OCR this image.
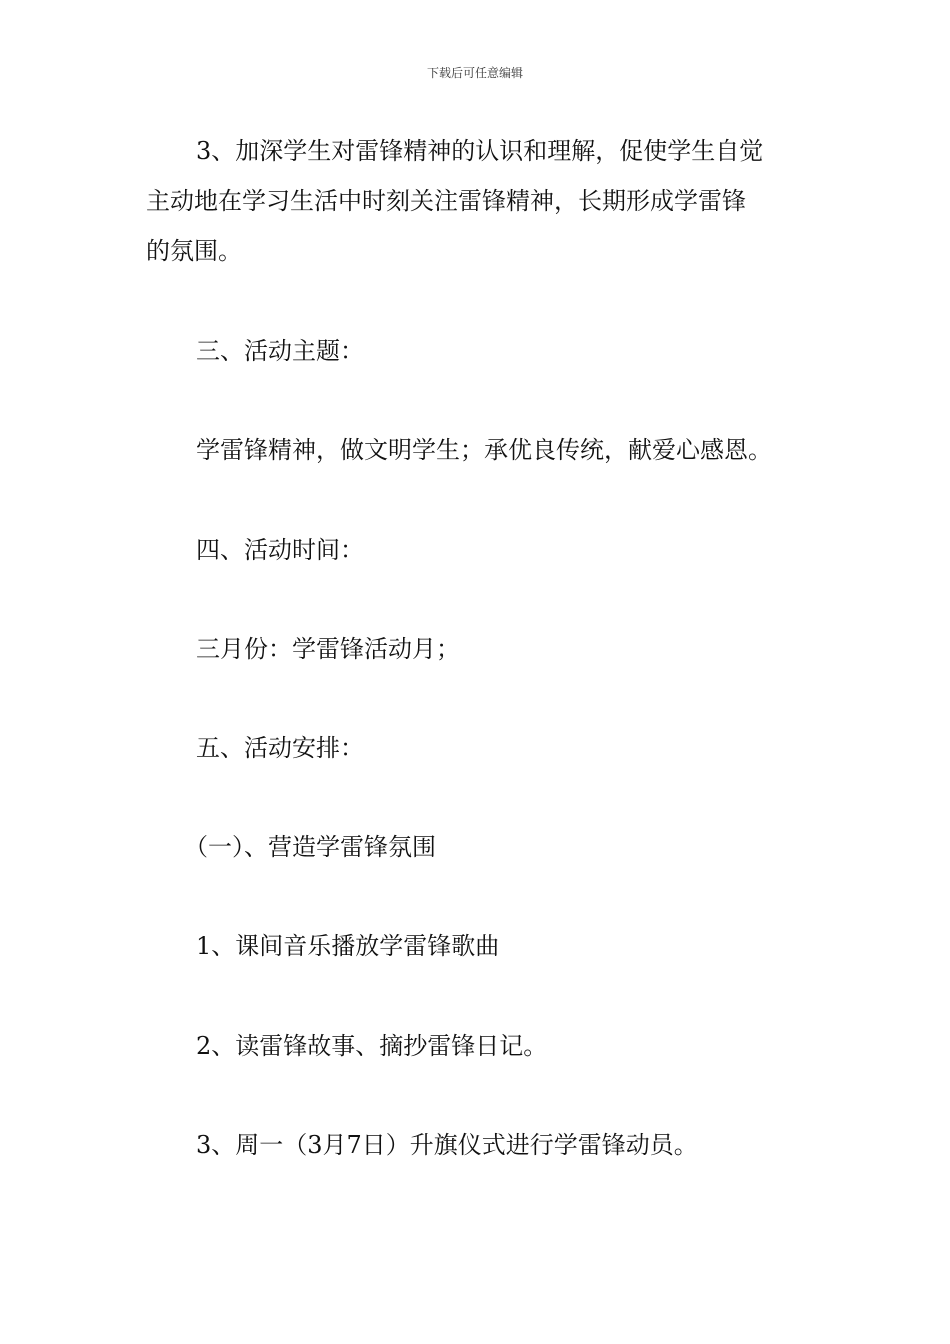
下载后可任意编辑
3、加深学生对雷锋精神的认识和理解，促使学生自觉
主动地在学习生活中时刻关注雷锋精神，长期形成学雷锋
的氛围。
三、活动主题：
学雷锋精神，做文明学生；承优良传统，献爱心感恩。
四、活动时间：
三月份：学雷锋活动月；
五、活动安排：
（一）、营造学雷锋氛围
1、课间音乐播放学雷锋歌曲
2、读雷锋故事、摘抄雷锋日记。
3、周一（3月7日）升旗仪式进行学雷锋动员。
